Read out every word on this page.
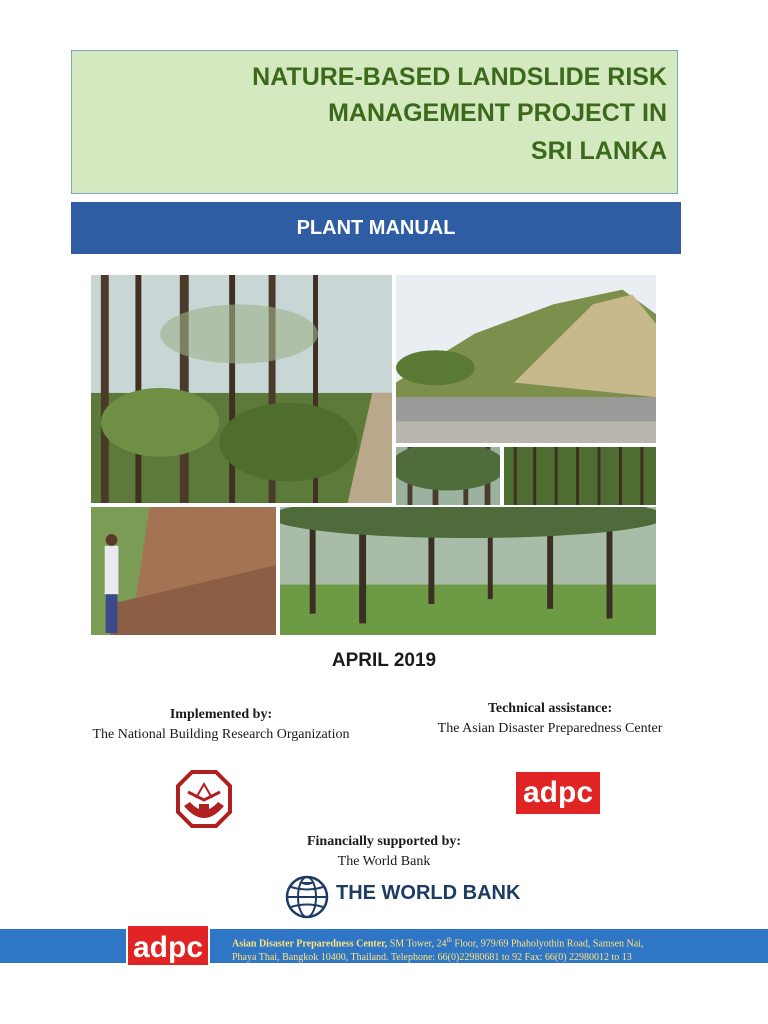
NATURE-BASED LANDSLIDE RISK
MANAGEMENT PROJECT IN
SRI LANKA
PLANT MANUAL
APRIL 2019
Implemented by:
The National Building Research Organization
Technical assistance:
The Asian Disaster Preparedness Center
adpc
Financially supported by:
The World Bank
THE WORLD BANK
adpc	Asian Disaster Preparedness Center, SM Tower, 24th Floor, 979/69 Phaholyothin Road, Samsen Nai,
Phaya Thai, Bangkok 10400, Thailand. Telephone: 66(0)22980681 to 92 Fax: 66(0) 22980012 to 13
